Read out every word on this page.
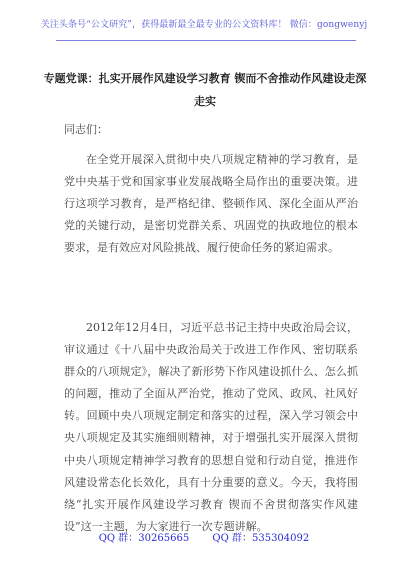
关注头条号“公文研究”，获得最新最全最专业的公文资料库！ 微信：gongwenyj
专题党课：扎实开展作风建设学习教育 锲而不舍推动作风建设走深走实
同志们：

在全党开展深入贯彻中央八项规定精神的学习教育，是党中央基于党和国家事业发展战略全局作出的重要决策。进行这项学习教育，是严格纪律、整顿作风、深化全面从严治党的关键行动，是密切党群关系、巩固党的执政地位的根本要求，是有效应对风险挑战、履行使命任务的紧迫需求。

2012年12月4日，习近平总书记主持中央政治局会议，审议通过《十八届中央政治局关于改进工作作风、密切联系群众的八项规定》，解决了新形势下作风建设抓什么、怎么抓的问题，推动了全面从严治党，推动了党风、政风、社风好转。回顾中央八项规定制定和落实的过程，深入学习领会中央八项规定及其实施细则精神，对于增强扎实开展深入贯彻中央八项规定精神学习教育的思想自觉和行动自觉，推进作风建设常态化长效化，具有十分重要的意义。今天，我将围绕“扎实开展作风建设学习教育 锲而不舍贯彻落实作风建设”这一主题，为大家进行一次专题讲解。

QQ 群：30265665 QQ 群：535304092
